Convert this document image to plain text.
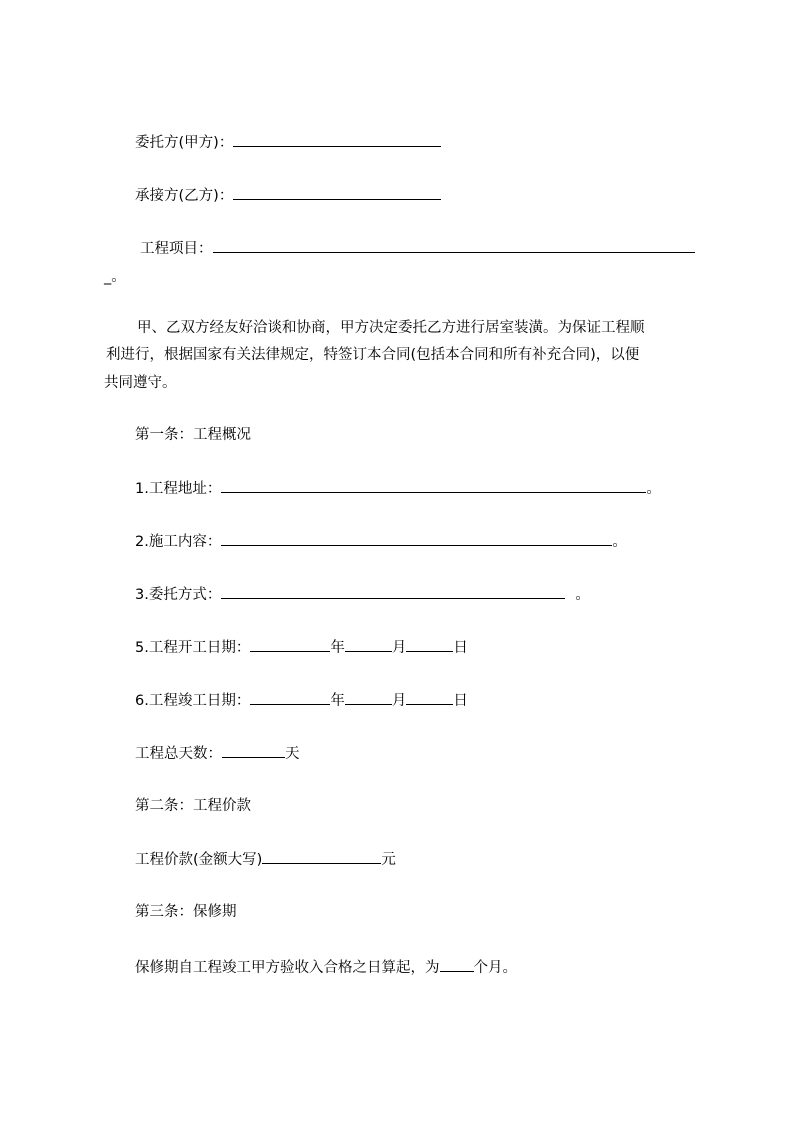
委托方(甲方)：
承接方(乙方)：
工程项目：
_。
甲、乙双方经友好洽谈和协商，甲方决定委托乙方进行居室装潢。为保证工程顺
利进行，根据国家有关法律规定，特签订本合同(包括本合同和所有补充合同)，以便
共同遵守。
第一条：工程概况
1.工程地址：	。
2.施工内容：	。
3.委托方式：	。
5.工程开工日期：	年	月	日
6.工程竣工日期：	年	月	日
工程总天数：	天
第二条：工程价款
工程价款(金额大写)	元
第三条：保修期
保修期自工程竣工甲方验收入合格之日算起，为 个月。
